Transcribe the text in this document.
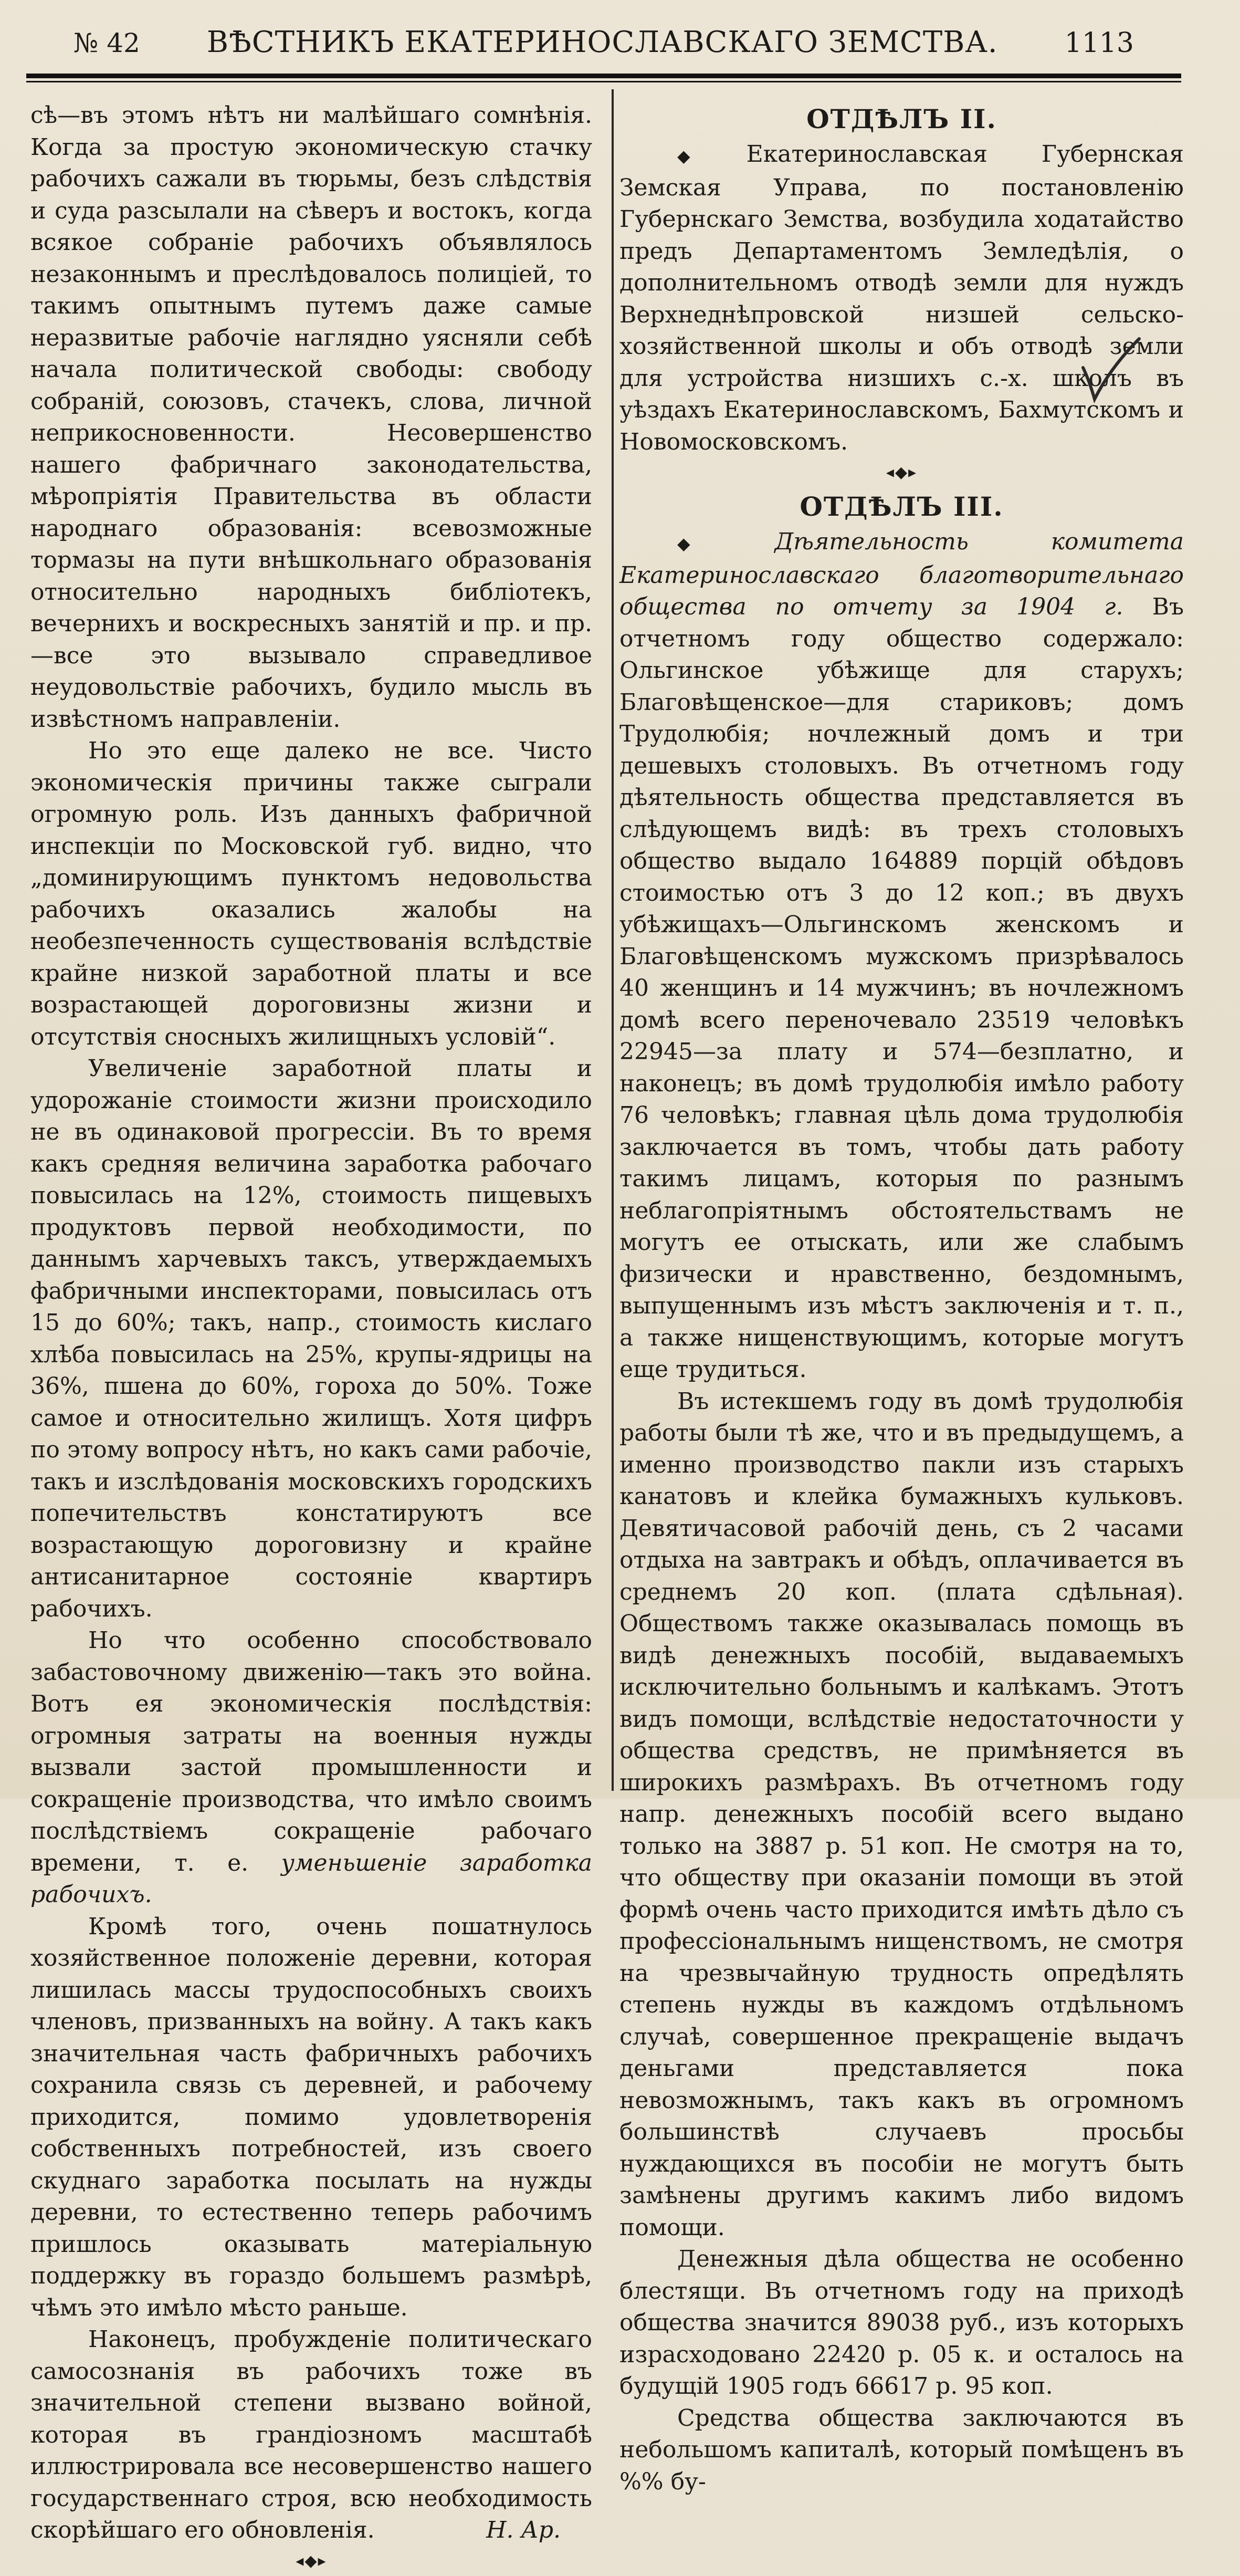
№ 42 ВѢСТНИКЪ ЕКАТЕРИНОСЛАВСКАГО ЗЕМСТВА. 1113

сѣ—въ этомъ нѣтъ ни малѣйшаго сомнѣнія. Когда за простую экономическую стачку рабочихъ сажали въ тюрьмы, безъ слѣдствія и суда разсылали на сѣверъ и востокъ, когда всякое собраніе рабочихъ объявлялось незаконнымъ и преслѣдовалось полиціей, то такимъ опытнымъ путемъ даже самые неразвитые рабочіе наглядно уясняли себѣ начала политической свободы: свободу собраній, союзовъ, стачекъ, слова, личной неприкосновенности. Несовершенство нашего фабричнаго законодательства, мѣропріятія Правительства въ области народнаго образованія: всевозможные тормазы на пути внѣшкольнаго образованія относительно народныхъ библіотекъ, вечернихъ и воскресныхъ занятій и пр. и пр.—все это вызывало справедливое неудовольствіе рабочихъ, будило мысль въ извѣстномъ направленіи.

Но это еще далеко не все. Чисто экономическія причины также сыграли огромную роль. Изъ данныхъ фабричной инспекціи по Московской губ. видно, что „доминирующимъ пунктомъ недовольства рабочихъ оказались жалобы на необезпеченность существованія вслѣдствіе крайне низкой заработной платы и все возрастающей дороговизны жизни и отсутствія сносныхъ жилищныхъ условій“.

Увеличеніе заработной платы и удорожаніе стоимости жизни происходило не въ одинаковой прогрессіи. Въ то время какъ средняя величина заработка рабочаго повысилась на 12%, стоимость пищевыхъ продуктовъ первой необходимости, по даннымъ харчевыхъ таксъ, утверждаемыхъ фабричными инспекторами, повысилась отъ 15 до 60%; такъ, напр., стоимость кислаго хлѣба повысилась на 25%, крупы-ядрицы на 36%, пшена до 60%, гороха до 50%. Тоже самое и относительно жилищъ. Хотя цифръ по этому вопросу нѣтъ, но какъ сами рабочіе, такъ и изслѣдованія московскихъ городскихъ попечительствъ констатируютъ все возрастающую дороговизну и крайне антисанитарное состояніе квартиръ рабочихъ.

Но что особенно способствовало забастовочному движенію—такъ это война. Вотъ ея экономическія послѣдствія: огромныя затраты на военныя нужды вызвали застой промышленности и сокращеніе производства, что имѣло своимъ послѣдствіемъ сокращеніе рабочаго времени, т. е. уменьшеніе заработка рабочихъ.

Кромѣ того, очень пошатнулось хозяйственное положеніе деревни, которая лишилась массы трудоспособныхъ своихъ членовъ, призванныхъ на войну. А такъ какъ значительная часть фабричныхъ рабочихъ сохранила связь съ деревней, и рабочему приходится, помимо удовлетворенія собственныхъ потребностей, изъ своего скуднаго заработка посылать на нужды деревни, то естественно теперь рабочимъ пришлось оказывать матеріальную поддержку въ гораздо большемъ размѣрѣ, чѣмъ это имѣло мѣсто раньше.

Наконецъ, пробужденіе политическаго самосознанія въ рабочихъ тоже въ значительной степени вызвано войной, которая въ грандіозномъ масштабѣ иллюстрировала все несовершенство нашего государственнаго строя, всю необходимость скорѣйшаго его обновленія.	Н. Ар.

◂◆▸

ОТДѢЛЪ II.

◆ Екатеринославская Губернская Земская Управа, по постановленію Губернскаго Земства, возбудила ходатайство предъ Департаментомъ Земледѣлія, о дополнительномъ отводѣ земли для нуждъ Верхнеднѣпровской низшей сельско-хозяйственной школы и объ отводѣ земли для устройства низшихъ с.-х. школъ въ уѣздахъ Екатеринославскомъ, Бахмутскомъ и Новомосковскомъ.

◂◆▸

ОТДѢЛЪ III.

◆ Дѣятельность комитета Екатеринославскаго благотворительнаго общества по отчету за 1904 г. Въ отчетномъ году общество содержало: Ольгинское убѣжище для старухъ; Благовѣщенское—для стариковъ; домъ Трудолюбія; ночлежный домъ и три дешевыхъ столовыхъ. Въ отчетномъ году дѣятельность общества представляется въ слѣдующемъ видѣ: въ трехъ столовыхъ общество выдало 164889 порцій обѣдовъ стоимостью отъ 3 до 12 коп.; въ двухъ убѣжищахъ—Ольгинскомъ женскомъ и Благовѣщенскомъ мужскомъ призрѣвалось 40 женщинъ и 14 мужчинъ; въ ночлежномъ домѣ всего переночевало 23519 человѣкъ 22945—за плату и 574—безплатно, и наконецъ; въ домѣ трудолюбія имѣло работу 76 человѣкъ; главная цѣль дома трудолюбія заключается въ томъ, чтобы дать работу такимъ лицамъ, которыя по разнымъ неблагопріятнымъ обстоятельствамъ не могутъ ее отыскать, или же слабымъ физически и нравственно, бездомнымъ, выпущеннымъ изъ мѣстъ заключенія и т. п., а также нищенствующимъ, которые могутъ еще трудиться.

Въ истекшемъ году въ домѣ трудолюбія работы были тѣ же, что и въ предыдущемъ, а именно производство пакли изъ старыхъ канатовъ и клейка бумажныхъ кульковъ. Девятичасовой рабочій день, съ 2 часами отдыха на завтракъ и обѣдъ, оплачивается въ среднемъ 20 коп. (плата сдѣльная). Обществомъ также оказывалась помощь въ видѣ денежныхъ пособій, выдаваемыхъ исключительно больнымъ и калѣкамъ. Этотъ видъ помощи, вслѣдствіе недостаточности у общества средствъ, не примѣняется въ широкихъ размѣрахъ. Въ отчетномъ году напр. денежныхъ пособій всего выдано только на 3887 р. 51 коп. Не смотря на то, что обществу при оказаніи помощи въ этой формѣ очень часто приходится имѣть дѣло съ профессіональнымъ нищенствомъ, не смотря на чрезвычайную трудность опредѣлять степень нужды въ каждомъ отдѣльномъ случаѣ, совершенное прекращеніе выдачъ деньгами представляется пока невозможнымъ, такъ какъ въ огромномъ большинствѣ случаевъ просьбы нуждающихся въ пособіи не могутъ быть замѣнены другимъ какимъ либо видомъ помощи.

Денежныя дѣла общества не особенно блестящи. Въ отчетномъ году на приходѣ общества значится 89038 руб., изъ которыхъ израсходовано 22420 р. 05 к. и осталось на будущій 1905 годъ 66617 р. 95 коп.

Средства общества заключаются въ небольшомъ капиталѣ, который помѣщенъ въ %% бу-
